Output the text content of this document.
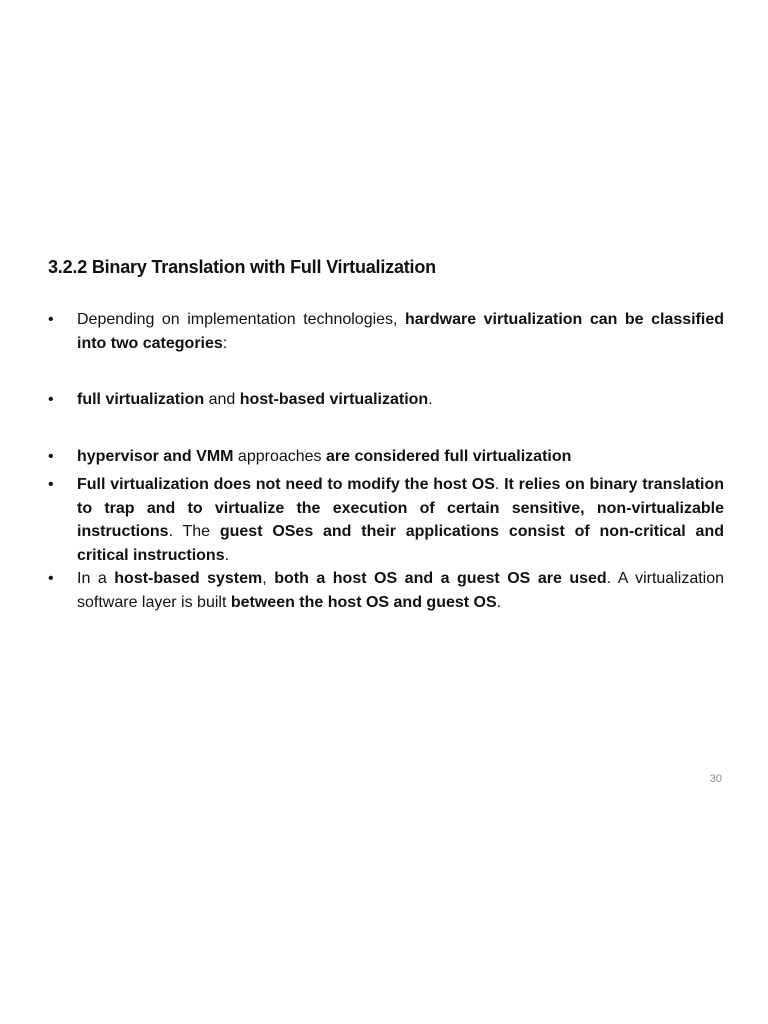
3.2.2 Binary Translation with Full Virtualization
•	Depending on implementation technologies, hardware virtualization can be classified into two categories:
•	full virtualization and host-based virtualization.
•	hypervisor and VMM approaches are considered full virtualization
•	Full virtualization does not need to modify the host OS. It relies on binary translation to trap and to virtualize the execution of certain sensitive, non-virtualizable instructions. The guest OSes and their applications consist of non-critical and critical instructions.
•	In a host-based system, both a host OS and a guest OS are used. A virtualization software layer is built between the host OS and guest OS.
30
